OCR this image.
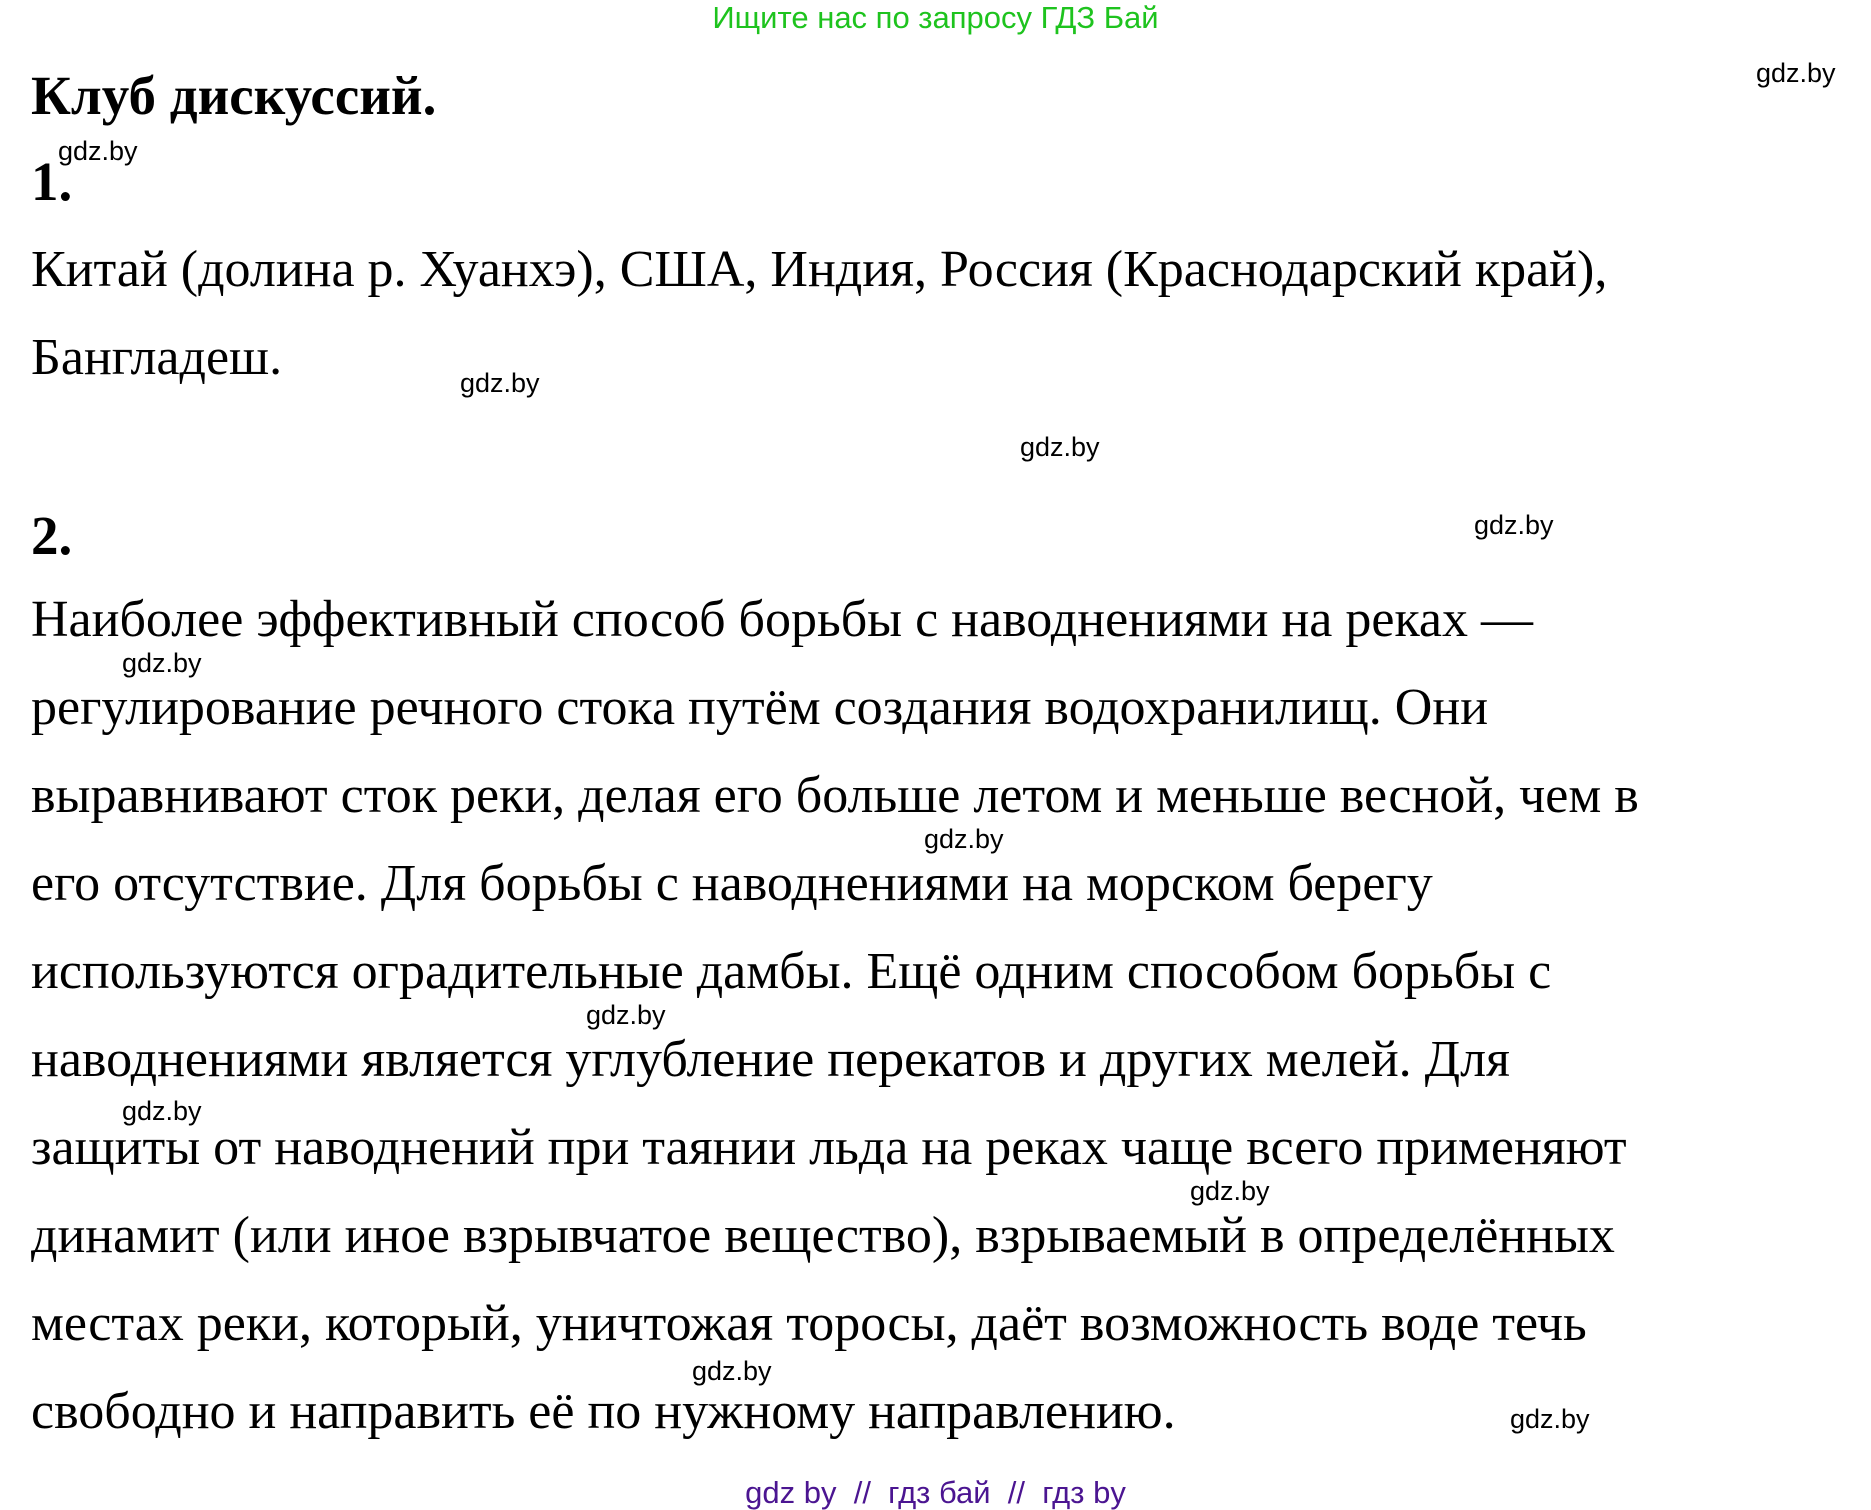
Ищите нас по запросу ГДЗ Бай
Клуб дискуссий.
1.
Китай (долина р. Хуанхэ), США, Индия, Россия (Краснодарский край),
Бангладеш.
2.
Наиболее эффективный способ борьбы с наводнениями на реках —
регулирование речного стока путём создания водохранилищ. Они
выравнивают сток реки, делая его больше летом и меньше весной, чем в
его отсутствие. Для борьбы с наводнениями на морском берегу
используются оградительные дамбы. Ещё одним способом борьбы с
наводнениями является углубление перекатов и других мелей. Для
защиты от наводнений при таянии льда на реках чаще всего применяют
динамит (или иное взрывчатое вещество), взрываемый в определённых
местах реки, который, уничтожая торосы, даёт возможность воде течь
свободно и направить её по нужному направлению.
gdz.by
gdz.by
gdz.by
gdz.by
gdz.by
gdz.by
gdz.by
gdz.by
gdz.by
gdz.by
gdz.by
gdz.by
gdz by  //  гдз бай  //  гдз by
